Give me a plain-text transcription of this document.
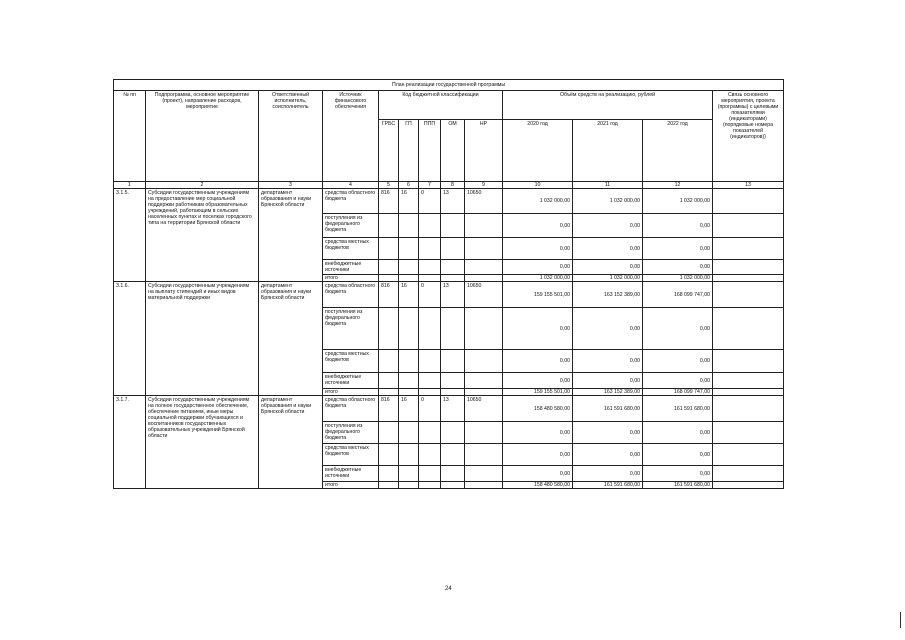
План реализации государственной программы												
№ пп	Подпрограмма, основное мероприятие (проект), направление расходов, мероприятие	Ответственный исполнитель, соисполнитель	Источник финансового обеспечения	Код бюджетной классификации					Объём средств на реализацию, рублей			Связь основного мероприятия, проекта (программы) с целевыми показателями (индикаторами) (порядковые номера показателей (индикаторов))
				ГРБС	ГП	ППП	ОМ	НР	2020 год	2021 год	2022 год	
1	2	3	4	5	6	7	8	9	10	11	12	13
3.1.5.	Субсидии государственным учреждениям на предоставление мер социальной поддержки работникам образовательных учреждений, работающим в сельских населенных пунктах и поселках городского типа на территории Брянской области	департамент образования и науки Брянской области	средства областного бюджета	816	16	0	13	10650	1 032 000,00	1 032 000,00	1 032 000,00	
			поступления из федерального бюджета						0,00	0,00	0,00	
			средства местных бюджетов						0,00	0,00	0,00	
			внебюджетные источники						0,00	0,00	0,00	
			итого						1 032 000,00	1 032 000,00	1 032 000,00	
3.1.6.	Субсидии государственным учреждениям на выплату стипендий и иных видов материальной поддержки	департамент образования и науки Брянской области	средства областного бюджета	816	16	0	13	10650	159 155 501,00	163 152 389,00	168 099 747,00	
			поступления из федерального бюджета						0,00	0,00	0,00	
			средства местных бюджетов						0,00	0,00	0,00	
			внебюджетные источники						0,00	0,00	0,00	
			итого						159 155 501,00	163 152 389,00	168 099 747,00	
3.1.7.	Субсидии государственным учреждениям на полное государственное обеспечение, обеспечение питанием, иные меры социальной поддержки обучающихся и воспитанников государственных образовательных учреждений Брянской области	департамент образования и науки Брянской области	средства областного бюджета	816	16	0	13	10650	158 480 580,00	161 591 680,00	161 591 680,00	
			поступления из федерального бюджета						0,00	0,00	0,00	
			средства местных бюджетов						0,00	0,00	0,00	
			внебюджетные источники						0,00	0,00	0,00	
			итого						158 480 580,00	161 591 680,00	161 591 680,00	
24
